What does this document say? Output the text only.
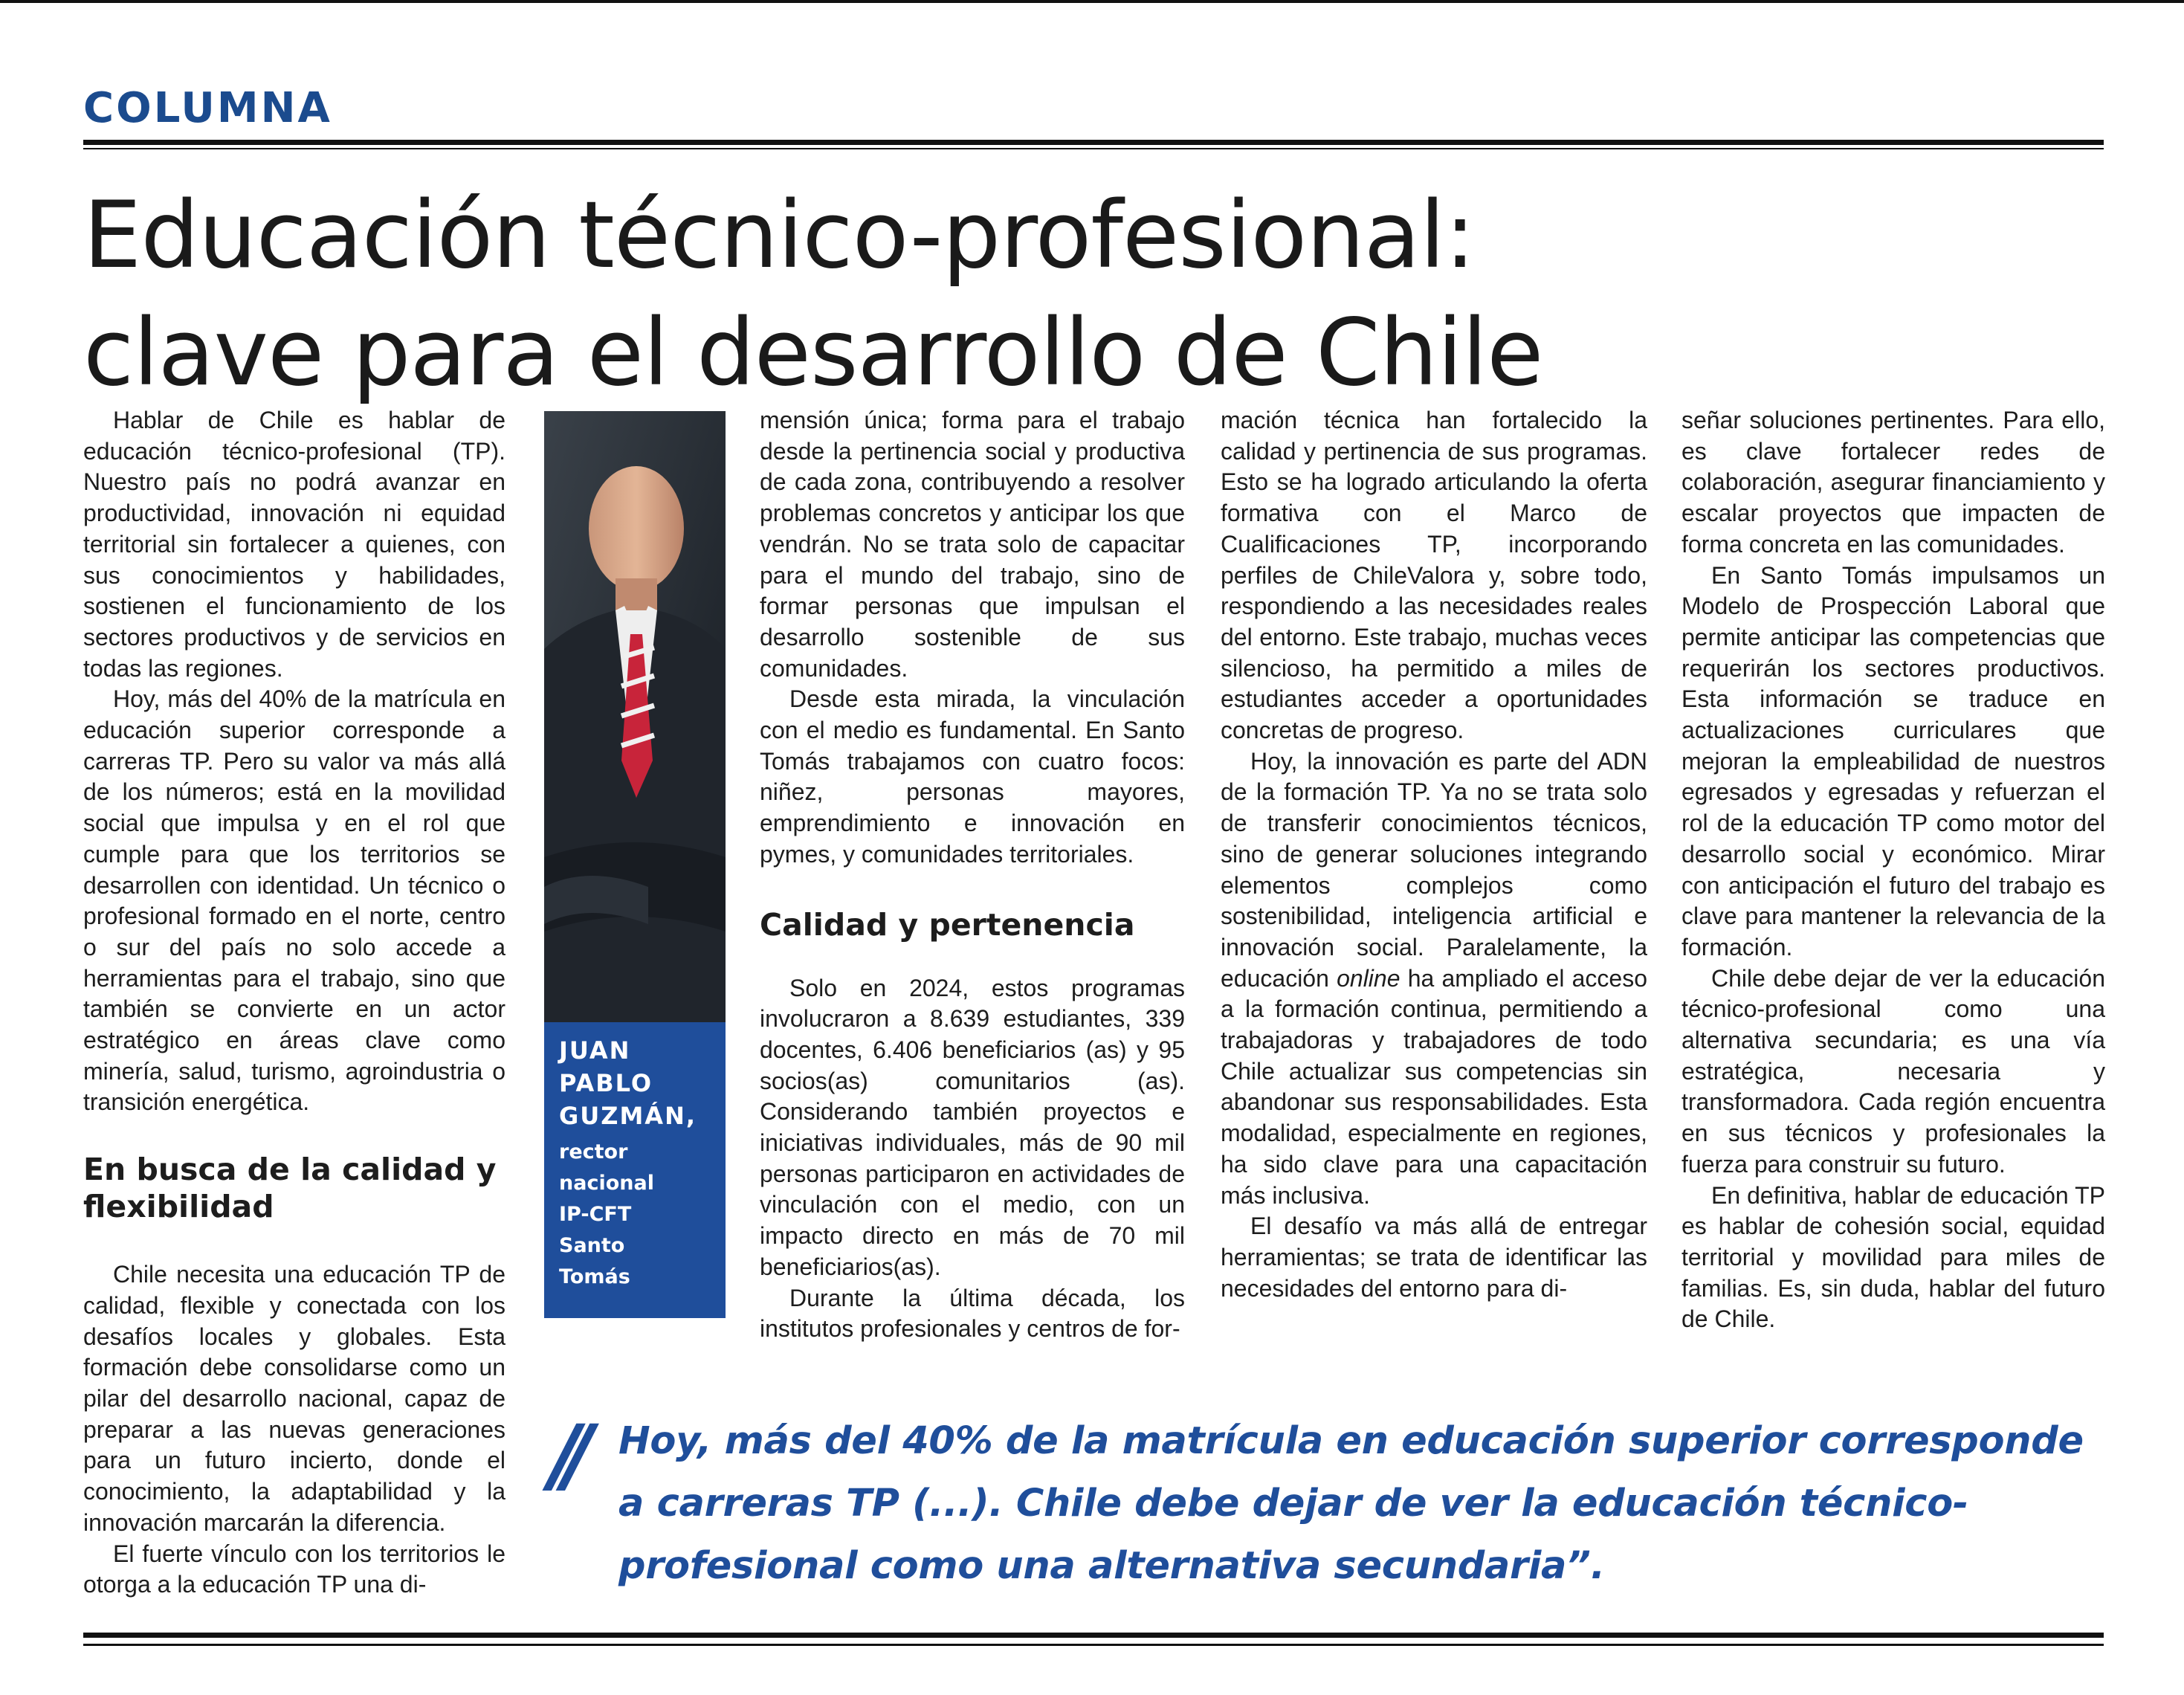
COLUMNA
Educación técnico-profesional:
clave para el desarrollo de Chile

Hablar de Chile es hablar de educación técnico-profesional (TP). Nuestro país no podrá avanzar en productividad, innovación ni equidad territorial sin fortalecer a quienes, con sus conocimientos y habilidades, sostienen el funcionamiento de los sectores productivos y de servicios en todas las regiones.

Hoy, más del 40% de la matrícula en educación superior corresponde a carreras TP. Pero su valor va más allá de los números; está en la movilidad social que impulsa y en el rol que cumple para que los territorios se desarrollen con identidad. Un técnico o profesional formado en el norte, centro o sur del país no solo accede a herramientas para el trabajo, sino que también se convierte en un actor estratégico en áreas clave como minería, salud, turismo, agroindustria o transición energética.

En busca de la calidad y flexibilidad

Chile necesita una educación TP de calidad, flexible y conectada con los desafíos locales y globales. Esta formación debe consolidarse como un pilar del desarrollo nacional, capaz de preparar a las nuevas generaciones para un futuro incierto, donde el conocimiento, la adaptabilidad y la innovación marcarán la diferencia.

El fuerte vínculo con los territorios le otorga a la educación TP una di-

JUAN
PABLO
GUZMÁN,

rector
nacional
IP-CFT
Santo
Tomás

mensión única; forma para el trabajo desde la pertinencia social y productiva de cada zona, contribuyendo a resolver problemas concretos y anticipar los que vendrán. No se trata solo de capacitar para el mundo del trabajo, sino de formar personas que impulsan el desarrollo sostenible de sus comunidades.

Desde esta mirada, la vinculación con el medio es fundamental. En Santo Tomás trabajamos con cuatro focos: niñez, personas mayores, emprendimiento e innovación en pymes, y comunidades territoriales.

Calidad y pertenencia

Solo en 2024, estos programas involucraron a 8.639 estudiantes, 339 docentes, 6.406 beneficiarios (as) y 95 socios(as) comunitarios (as). Considerando también proyectos e iniciativas individuales, más de 90 mil personas participaron en actividades de vinculación con el medio, con un impacto directo en más de 70 mil beneficiarios(as).

Durante la última década, los institutos profesionales y centros de for-

mación técnica han fortalecido la calidad y pertinencia de sus programas. Esto se ha logrado articulando la oferta formativa con el Marco de Cualificaciones TP, incorporando perfiles de ChileValora y, sobre todo, respondiendo a las necesidades reales del entorno. Este trabajo, muchas veces silencioso, ha permitido a miles de estudiantes acceder a oportunidades concretas de progreso.

Hoy, la innovación es parte del ADN de la formación TP. Ya no se trata solo de transferir conocimientos técnicos, sino de generar soluciones integrando elementos complejos como sostenibilidad, inteligencia artificial e innovación social. Paralelamente, la educación online ha ampliado el acceso a la formación continua, permitiendo a trabajadoras y trabajadores de todo Chile actualizar sus competencias sin abandonar sus responsabilidades. Esta modalidad, especialmente en regiones, ha sido clave para una capacitación más inclusiva.

El desafío va más allá de entregar herramientas; se trata de identificar las necesidades del entorno para di-

señar soluciones pertinentes. Para ello, es clave fortalecer redes de colaboración, asegurar financiamiento y escalar proyectos que impacten de forma concreta en las comunidades.

En Santo Tomás impulsamos un Modelo de Prospección Laboral que permite anticipar las competencias que requerirán los sectores productivos. Esta información se traduce en actualizaciones curriculares que mejoran la empleabilidad de nuestros egresados y egresadas y refuerzan el rol de la educación TP como motor del desarrollo social y económico. Mirar con anticipación el futuro del trabajo es clave para mantener la relevancia de la formación.

Chile debe dejar de ver la educación técnico-profesional como una alternativa secundaria; es una vía estratégica, necesaria y transformadora. Cada región encuentra en sus técnicos y profesionales la fuerza para construir su futuro.

En definitiva, hablar de educación TP es hablar de cohesión social, equidad territorial y movilidad para miles de familias. Es, sin duda, hablar del futuro de Chile.

// Hoy, más del 40% de la matrícula en educación superior corresponde a carreras TP (...). Chile debe dejar de ver la educación técnico-profesional como una alternativa secundaria”.
